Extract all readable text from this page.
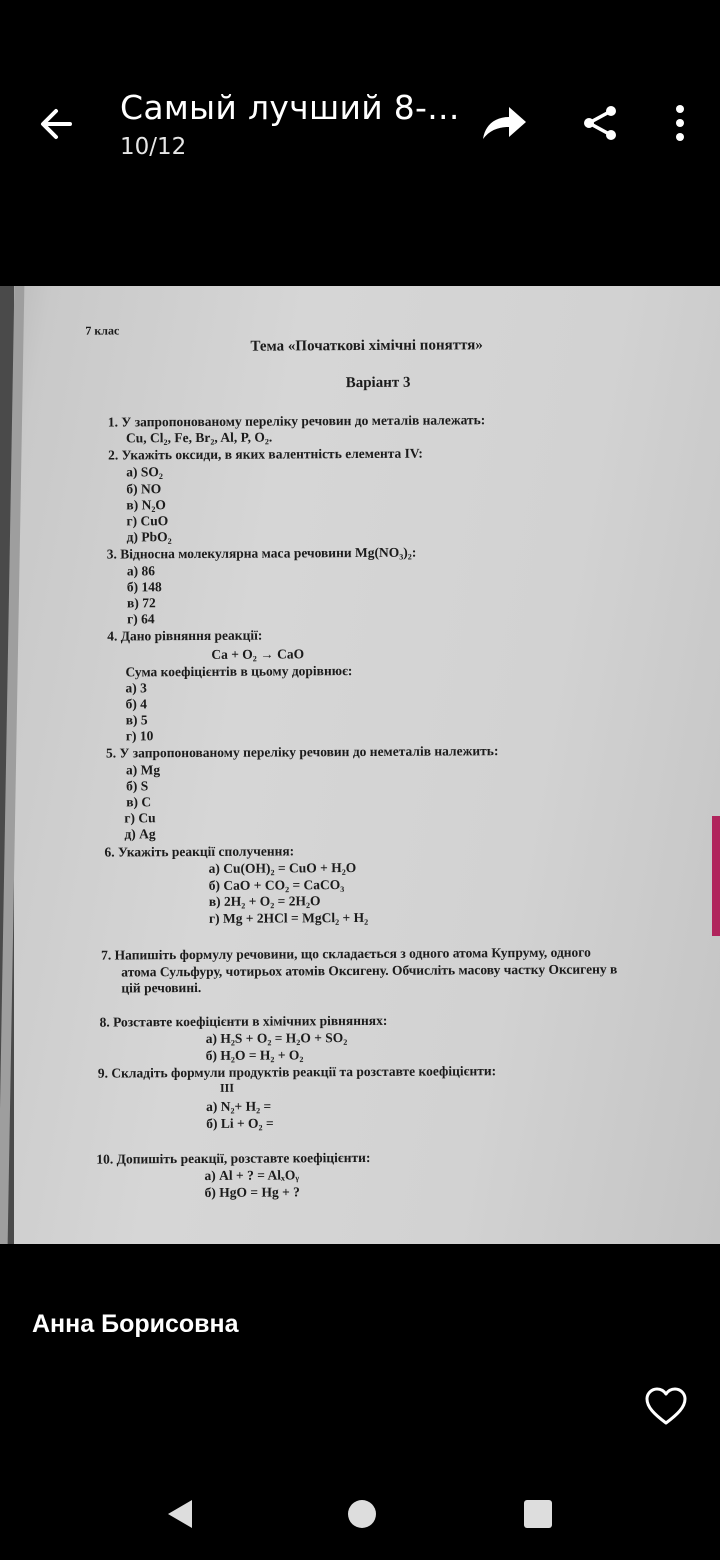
Самый лучший 8-...
10/12
7 клас
Тема «Початкові хімічні поняття»
Варіант 3
1. У запропонованому переліку речовин до металів належать:
Cu, Cl₂, Fe, Br₂, Al, P, O₂.
2. Укажіть оксиди, в яких валентність елемента IV:
а) SO₂
б) NO
в) N₂O
г) CuO
д) PbO₂
3. Відносна молекулярна маса речовини Mg(NO₃)₂:
а) 86
б) 148
в) 72
г) 64
4. Дано рівняння реакції:
Ca + O₂ → CaO
Сума коефіцієнтів в цьому дорівнює:
а) 3
б) 4
в) 5
г) 10
5. У запропонованому переліку речовин до неметалів належить:
а) Mg
б) S
в) C
г) Cu
д) Ag
6. Укажіть реакції сполучення:
а) Cu(OH)₂ = CuO + H₂O
б) CaO + CO₂ = CaCO₃
в) 2H₂ + O₂ = 2H₂O
г) Mg + 2HCl = MgCl₂ + H₂
7. Напишіть формулу речовини, що складається з одного атома Купруму, одного
атома Сульфуру, чотирьох атомів Оксигену. Обчисліть масову частку Оксигену в
цій речовині.
8. Розставте коефіцієнти в хімічних рівняннях:
а) H₂S + O₂ = H₂O + SO₂
б) H₂O = H₂ + O₂
9. Складіть формули продуктів реакції та розставте коефіцієнти:
III
а) N₂+ H₂ =
б) Li + O₂ =
10. Допишіть реакції, розставте коефіцієнти:
а) Al + ? = AlₓOᵧ
б) HgO = Hg + ?
Анна Борисовна
